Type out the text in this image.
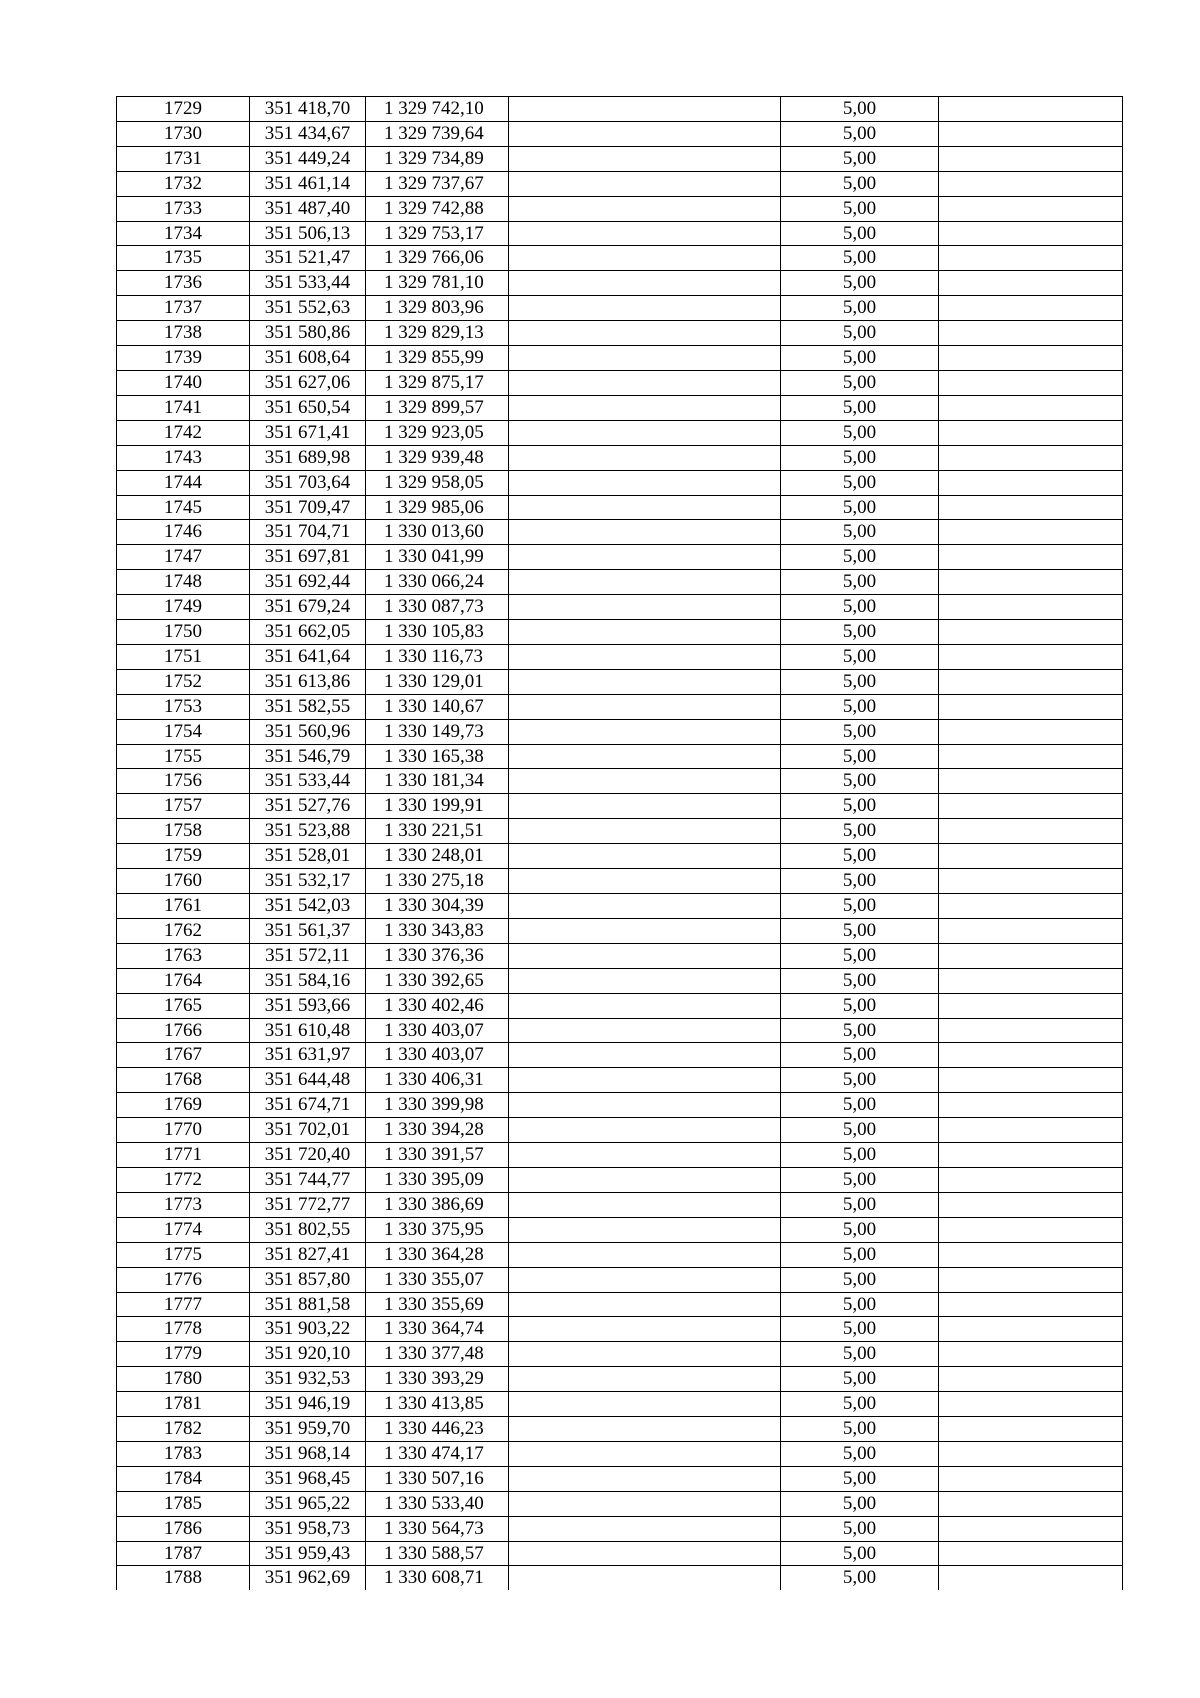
1729	351 418,70	1 329 742,10		5,00	
1730	351 434,67	1 329 739,64		5,00	
1731	351 449,24	1 329 734,89		5,00	
1732	351 461,14	1 329 737,67		5,00	
1733	351 487,40	1 329 742,88		5,00	
1734	351 506,13	1 329 753,17		5,00	
1735	351 521,47	1 329 766,06		5,00	
1736	351 533,44	1 329 781,10		5,00	
1737	351 552,63	1 329 803,96		5,00	
1738	351 580,86	1 329 829,13		5,00	
1739	351 608,64	1 329 855,99		5,00	
1740	351 627,06	1 329 875,17		5,00	
1741	351 650,54	1 329 899,57		5,00	
1742	351 671,41	1 329 923,05		5,00	
1743	351 689,98	1 329 939,48		5,00	
1744	351 703,64	1 329 958,05		5,00	
1745	351 709,47	1 329 985,06		5,00	
1746	351 704,71	1 330 013,60		5,00	
1747	351 697,81	1 330 041,99		5,00	
1748	351 692,44	1 330 066,24		5,00	
1749	351 679,24	1 330 087,73		5,00	
1750	351 662,05	1 330 105,83		5,00	
1751	351 641,64	1 330 116,73		5,00	
1752	351 613,86	1 330 129,01		5,00	
1753	351 582,55	1 330 140,67		5,00	
1754	351 560,96	1 330 149,73		5,00	
1755	351 546,79	1 330 165,38		5,00	
1756	351 533,44	1 330 181,34		5,00	
1757	351 527,76	1 330 199,91		5,00	
1758	351 523,88	1 330 221,51		5,00	
1759	351 528,01	1 330 248,01		5,00	
1760	351 532,17	1 330 275,18		5,00	
1761	351 542,03	1 330 304,39		5,00	
1762	351 561,37	1 330 343,83		5,00	
1763	351 572,11	1 330 376,36		5,00	
1764	351 584,16	1 330 392,65		5,00	
1765	351 593,66	1 330 402,46		5,00	
1766	351 610,48	1 330 403,07		5,00	
1767	351 631,97	1 330 403,07		5,00	
1768	351 644,48	1 330 406,31		5,00	
1769	351 674,71	1 330 399,98		5,00	
1770	351 702,01	1 330 394,28		5,00	
1771	351 720,40	1 330 391,57		5,00	
1772	351 744,77	1 330 395,09		5,00	
1773	351 772,77	1 330 386,69		5,00	
1774	351 802,55	1 330 375,95		5,00	
1775	351 827,41	1 330 364,28		5,00	
1776	351 857,80	1 330 355,07		5,00	
1777	351 881,58	1 330 355,69		5,00	
1778	351 903,22	1 330 364,74		5,00	
1779	351 920,10	1 330 377,48		5,00	
1780	351 932,53	1 330 393,29		5,00	
1781	351 946,19	1 330 413,85		5,00	
1782	351 959,70	1 330 446,23		5,00	
1783	351 968,14	1 330 474,17		5,00	
1784	351 968,45	1 330 507,16		5,00	
1785	351 965,22	1 330 533,40		5,00	
1786	351 958,73	1 330 564,73		5,00	
1787	351 959,43	1 330 588,57		5,00	
1788	351 962,69	1 330 608,71		5,00	
